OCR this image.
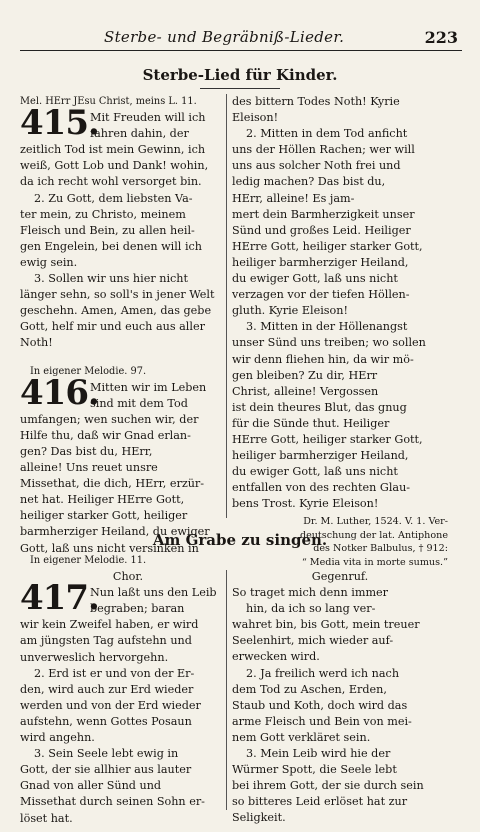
Sterbe- und Begräbniß-Lieder.	223
Sterbe-Lied für Kinder.
Mel. HErr JEsu Christ, meins L. 11.
415.
Mit Freuden will ich
fahren dahin, der
zeitlich Tod ist mein Gewinn, ich
weiß, Gott Lob und Dank! wohin,
da ich recht wohl versorget bin.
2. Zu Gott, dem liebsten Va-
ter mein, zu Christo, meinem
Fleisch und Bein, zu allen heil-
gen Engelein, bei denen will ich
ewig sein.
3. Sollen wir uns hier nicht
länger sehn, so soll's in jener Welt
geschehn. Amen, Amen, das gebe
Gott, helf mir und euch aus aller
Noth!
In eigener Melodie. 97.
416.
Mitten wir im Leben
sind mit dem Tod
umfangen; wen suchen wir, der
Hilfe thu, daß wir Gnad erlan-
gen? Das bist du, HErr,
alleine! Uns reuet unsre
Missethat, die dich, HErr, erzür-
net hat. Heiliger HErre Gott,
heiliger starker Gott, heiliger
barmherziger Heiland, du ewiger
Gott, laß uns nicht versinken in
des bittern Todes Noth! Kyrie
Eleison!
2. Mitten in dem Tod anficht
uns der Höllen Rachen; wer will
uns aus solcher Noth frei und
ledig machen? Das bist du,
HErr, alleine! Es jam-
mert dein Barmherzigkeit unser
Sünd und großes Leid. Heiliger
HErre Gott, heiliger starker Gott,
heiliger barmherziger Heiland,
du ewiger Gott, laß uns nicht
verzagen vor der tiefen Höllen-
gluth. Kyrie Eleison!
3. Mitten in der Höllenangst
unser Sünd uns treiben; wo sollen
wir denn fliehen hin, da wir mö-
gen bleiben? Zu dir, HErr
Christ, alleine! Vergossen
ist dein theures Blut, das gnug
für die Sünde thut. Heiliger
HErre Gott, heiliger starker Gott,
heiliger barmherziger Heiland,
du ewiger Gott, laß uns nicht
entfallen von des rechten Glau-
bens Trost. Kyrie Eleison!
Dr. M. Luther, 1524. V. 1. Ver-
deutschung der lat. Antiphone
des Notker Balbulus, † 912:
“ Media vita in morte sumus.”
Am Grabe zu singen.
In eigener Melodie. 11.
Chor.
417.
Nun laßt uns den Leib
begraben; baran
wir kein Zweifel haben, er wird
am jüngsten Tag aufstehn und
unverweslich hervorgehn.
2. Erd ist er und von der Er-
den, wird auch zur Erd wieder
werden und von der Erd wieder
aufstehn, wenn Gottes Posaun
wird angehn.
3. Sein Seele lebt ewig in
Gott, der sie allhier aus lauter
Gnad von aller Sünd und
Missethat durch seinen Sohn er-
löset hat.
Gegenruf.
So traget mich denn immer
hin, da ich so lang ver-
wahret bin, bis Gott, mein treuer
Seelenhirt, mich wieder auf-
erwecken wird.
2. Ja freilich werd ich nach
dem Tod zu Aschen, Erden,
Staub und Koth, doch wird das
arme Fleisch und Bein von mei-
nem Gott verkläret sein.
3. Mein Leib wird hie der
Würmer Spott, die Seele lebt
bei ihrem Gott, der sie durch sein
so bitteres Leid erlöset hat zur
Seligkeit.
